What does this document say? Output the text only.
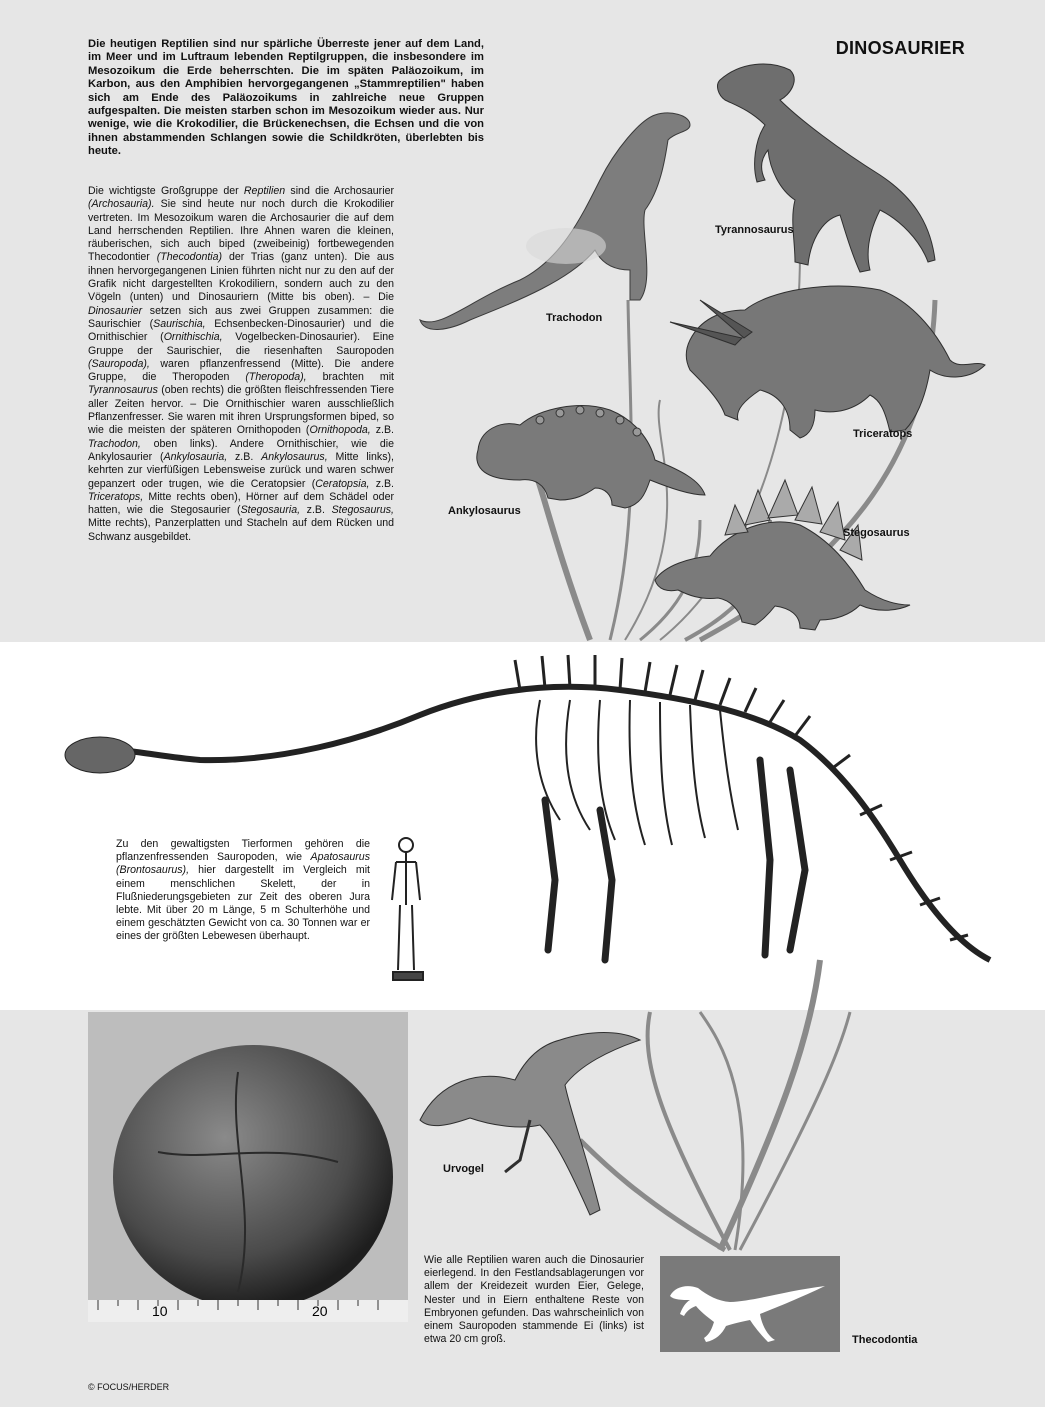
DINOSAURIER

Die heutigen Reptilien sind nur spärliche Überreste jener auf dem Land, im Meer und im Luftraum lebenden Reptilgruppen, die insbesondere im Mesozoikum die Erde beherrschten. Die im späten Paläozoikum, im Karbon, aus den Amphibien hervorgegangenen „Stammreptilien" haben sich am Ende des Paläozoikums in zahlreiche neue Gruppen aufgespalten. Die meisten starben schon im Mesozoikum wieder aus. Nur wenige, wie die Krokodilier, die Brückenechsen, die Echsen und die von ihnen abstammenden Schlangen sowie die Schildkröten, überlebten bis heute.

Die wichtigste Großgruppe der Reptilien sind die Archosaurier (Archosauria). Sie sind heute nur noch durch die Krokodilier vertreten. Im Mesozoikum waren die Archosaurier die auf dem Land herrschenden Reptilien. Ihre Ahnen waren die kleinen, räuberischen, sich auch biped (zweibeinig) fortbewegenden Thecodontier (Thecodontia) der Trias (ganz unten). Die aus ihnen hervorgegangenen Linien führten nicht nur zu den auf der Grafik nicht dargestellten Krokodiliern, sondern auch zu den Vögeln (unten) und Dinosauriern (Mitte bis oben). – Die Dinosaurier setzen sich aus zwei Gruppen zusammen: die Saurischier (Saurischia, Echsenbecken-Dinosaurier) und die Ornithischier (Ornithischia, Vogelbecken-Dinosaurier). Eine Gruppe der Saurischier, die riesenhaften Sauropoden (Sauropoda), waren pflanzenfressend (Mitte). Die andere Gruppe, die Theropoden (Theropoda), brachten mit Tyrannosaurus (oben rechts) die größten fleischfressenden Tiere aller Zeiten hervor. – Die Ornithischier waren ausschließlich Pflanzenfresser. Sie waren mit ihren Ursprungsformen biped, so wie die meisten der späteren Ornithopoden (Ornithopoda, z.B. Trachodon, oben links). Andere Ornithischier, wie die Ankylosaurier (Ankylosauria, z.B. Ankylosaurus, Mitte links), kehrten zur vierfüßigen Lebensweise zurück und waren schwer gepanzert oder trugen, wie die Ceratopsier (Ceratopsia, z.B. Triceratops, Mitte rechts oben), Hörner auf dem Schädel oder hatten, wie die Stegosaurier (Stegosauria, z.B. Stegosaurus, Mitte rechts), Panzerplatten und Stacheln auf dem Rücken und Schwanz ausgebildet.

Trachodon
Tyrannosaurus
Triceratops
Ankylosaurus
Stegosaurus

Zu den gewaltigsten Tierformen gehören die pflanzenfressenden Sauropoden, wie Apatosaurus (Brontosaurus), hier dargestellt im Vergleich mit einem menschlichen Skelett, der in Flußniederungsgebieten zur Zeit des oberen Jura lebte. Mit über 20 m Länge, 5 m Schulterhöhe und einem geschätzten Gewicht von ca. 30 Tonnen war er eines der größten Lebewesen überhaupt.

10	20
Urvogel

Wie alle Reptilien waren auch die Dinosaurier eierlegend. In den Festlandsablagerungen vor allem der Kreidezeit wurden Eier, Gelege, Nester und in Eiern enthaltene Reste von Embryonen gefunden. Das wahrscheinlich von einem Sauropoden stammende Ei (links) ist etwa 20 cm groß.	Thecodontia
© FOCUS/HERDER
